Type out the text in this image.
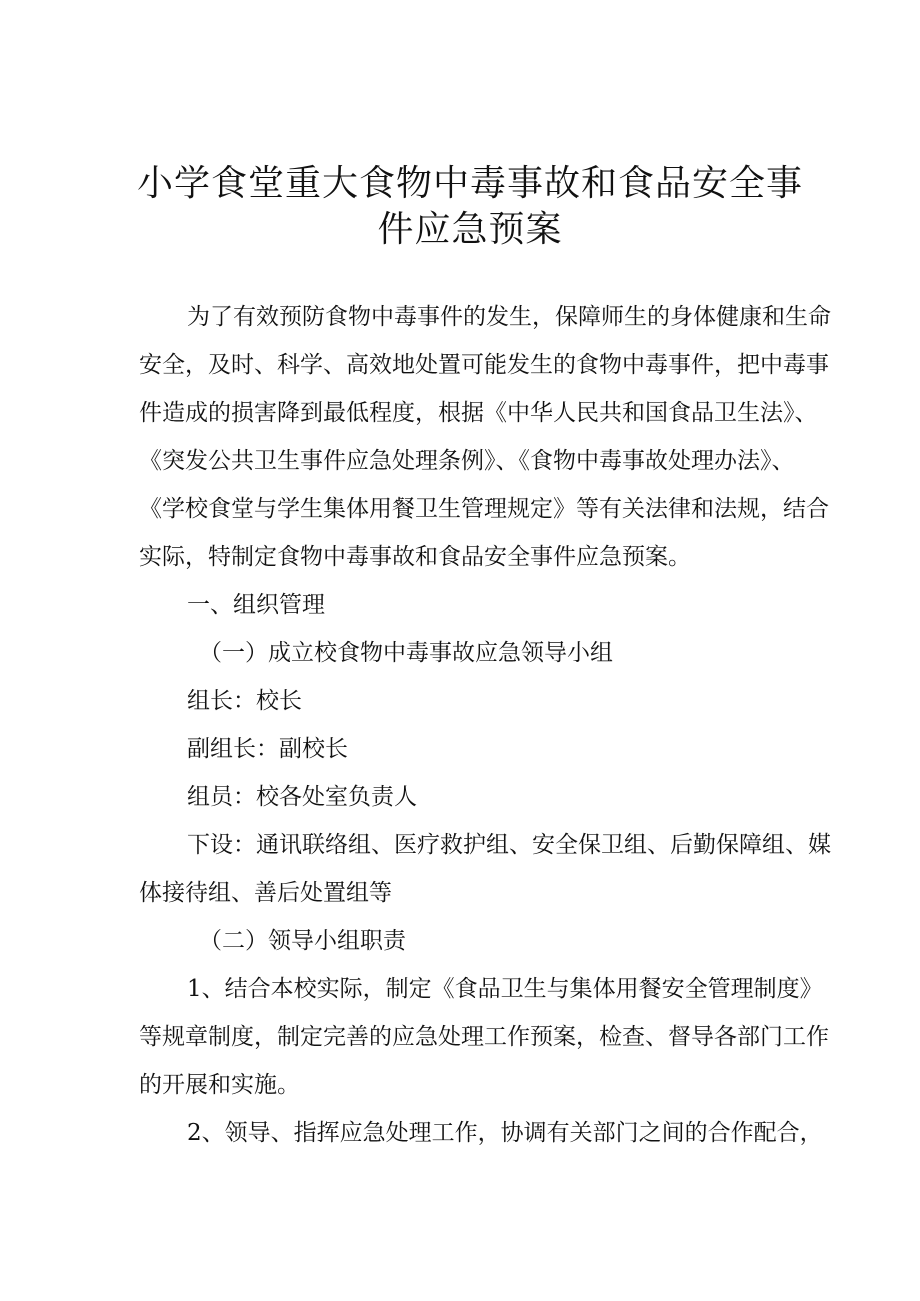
小学食堂重大食物中毒事故和食品安全事
件应急预案

为了有效预防食物中毒事件的发生，保障师生的身体健康和生命

安全，及时、科学、高效地处置可能发生的食物中毒事件，把中毒事

件造成的损害降到最低程度，根据《中华人民共和国食品卫生法》、

《突发公共卫生事件应急处理条例》、《食物中毒事故处理办法》、

《学校食堂与学生集体用餐卫生管理规定》等有关法律和法规，结合

实际，特制定食物中毒事故和食品安全事件应急预案。

一、组织管理

（一）成立校食物中毒事故应急领导小组

组长：校长

副组长：副校长

组员：校各处室负责人

下设：通讯联络组、医疗救护组、安全保卫组、后勤保障组、媒

体接待组、善后处置组等

（二）领导小组职责

1、结合本校实际，制定《食品卫生与集体用餐安全管理制度》

等规章制度，制定完善的应急处理工作预案，检查、督导各部门工作

的开展和实施。

2、领导、指挥应急处理工作，协调有关部门之间的合作配合，
